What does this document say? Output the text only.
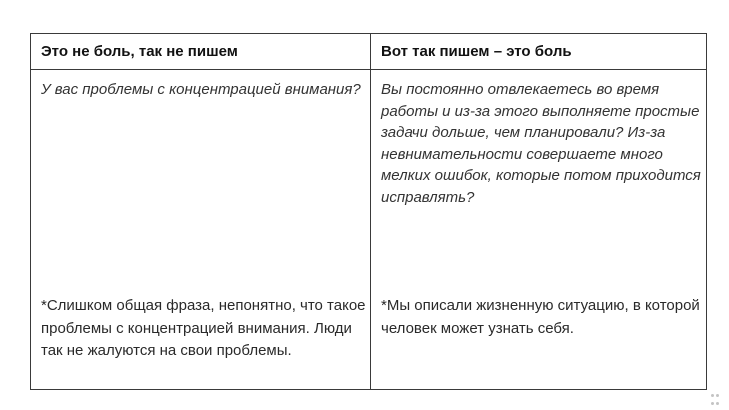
Это не боль, так не пишем	Вот так пишем – это боль
У вас проблемы с концентрацией внимания? Вы постоянно отвлекаетесь во время работы и из-за этого выполняете простые задачи дольше, чем планировали? Из-за невнимательности совершаете много мелких ошибок, которые потом приходится исправлять?
*Слишком общая фраза, непонятно, что такое проблемы с концентрацией внимания. Люди так не жалуются на свои проблемы.
*Мы описали жизненную ситуацию, в которой человек может узнать себя.
